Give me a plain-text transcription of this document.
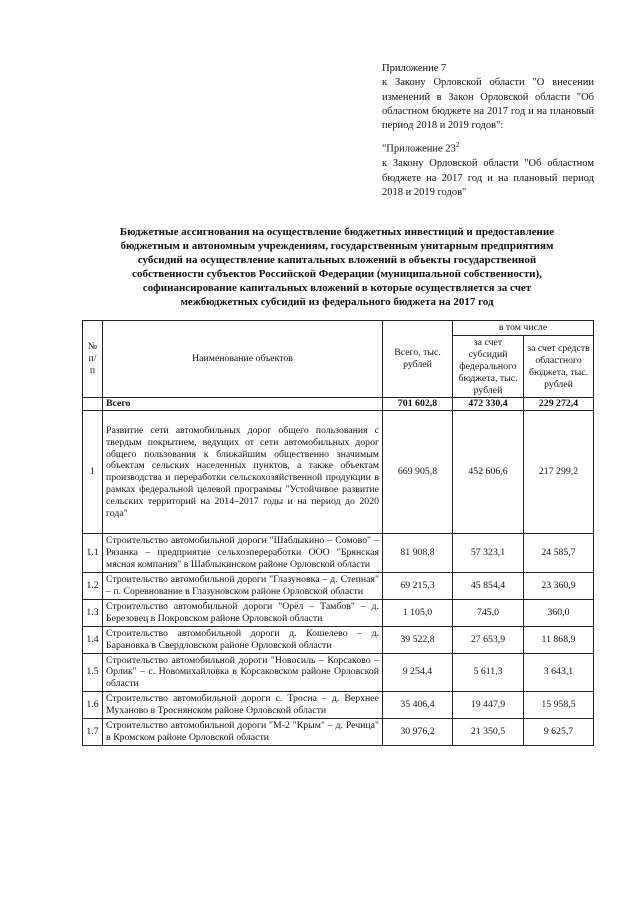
Приложение 7

к Закону Орловской области "О внесении изменений в Закон Орловской области "Об областном бюджете на 2017 год и на плановый период 2018 и 2019 годов":

"Приложение $23^2$

к Закону Орловской области "Об областном бюджете на 2017 год и на плановый период 2018 и 2019 годов"

Бюджетные ассигнования на осуществление бюджетных инвестиций и предоставление
бюджетным и автономным учреждениям, государственным унитарным предприятиям
субсидий на осуществление капитальных вложений в объекты государственной
собственности субъектов Российской Федерации (муниципальной собственности),
софинансирование капитальных вложений в которые осуществляется за счет
межбюджетных субсидий из федерального бюджета на 2017 год
№ п/п	Наименование объектов	Всего, тыс. рублей	в том числе	
			за счет субсидий федерального бюджета, тыс. рублей	за счет средств областного бюджета, тыс. рублей
	Всего	701 602,8	472 330,4	229 272,4
1	Развитие сети автомобильных дорог общего пользования с твердым покрытием, ведущих от сети автомобильных дорог общего пользования к ближайшим общественно значимым объектам сельских населенных пунктов, а также объектам производства и переработки сельскохозяйственной продукции в рамках федеральной целевой программы "Устойчивое развитие сельских территорий на 2014–2017 годы и на период до 2020 года"	669 905,8	452 606,6	217 299,2
1.1	Строительство автомобильной дороги "Шаблыкино – Сомово" – Рязанка – предприятие сельхозпереработки ООО "Брянская мясная компания" в Шаблыкинском районе Орловской области	81 908,8	57 323,1	24 585,7
1.2	Строительство автомобильной дороги "Глазуновка – д. Степная" – п. Соревнование в Глазуновском районе Орловской области	69 215,3	45 854,4	23 360,9
1.3	Строительство автомобильной дороги "Орёл – Тамбов" – д. Березовец в Покровском районе Орловской области	1 105,0	745,0	360,0
1.4	Строительство автомобильной дороги д. Кошелево – д. Барановка в Свердловском районе Орловской области	39 522,8	27 653,9	11 868,9
1.5	Строительство автомобильной дороги "Новосиль – Корсаково – Орлик" – с. Новомихайловка в Корсаковском районе Орловской области	9 254,4	5 611,3	3 643,1
1.6	Строительство автомобильной дороги с. Тросна – д. Верхнее Муханово в Троснянском районе Орловской области	35 406,4	19 447,9	15 958,5
1.7	Строительство автомобильной дороги "М-2 "Крым" – д. Речица" в Кромском районе Орловской области	30 976,2	21 350,5	9 625,7
